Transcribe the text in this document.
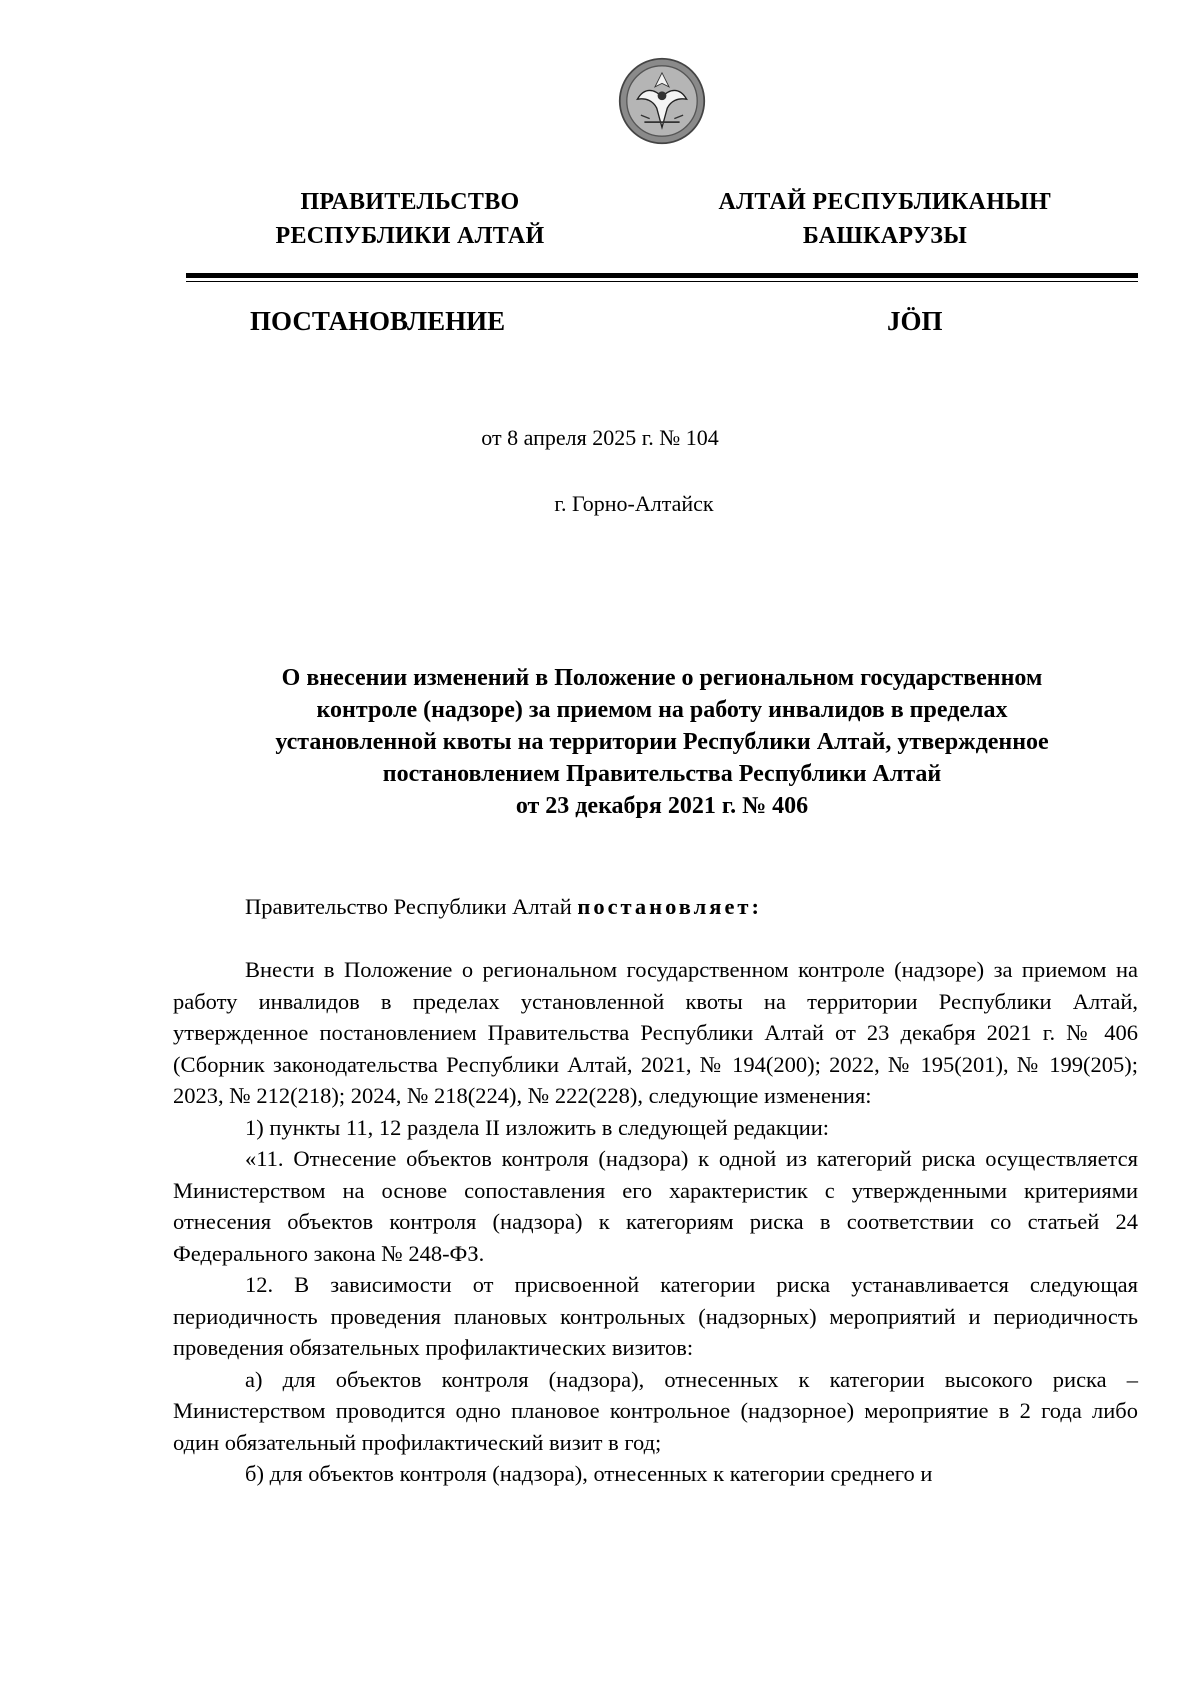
ПРАВИТЕЛЬСТВО
РЕСПУБЛИКИ АЛТАЙ
АЛТАЙ РЕСПУБЛИКАНЫҤ
БАШКАРУЗЫ
ПОСТАНОВЛЕНИЕ	JӦП
от 8 апреля 2025 г. № 104
г. Горно-Алтайск
О внесении изменений в Положение о региональном государственном
контроле (надзоре) за приемом на работу инвалидов в пределах
установленной квоты на территории Республики Алтай, утвержденное
постановлением Правительства Республики Алтай
от 23 декабря 2021 г. № 406

Правительство Республики Алтай постановляет:

Внести в Положение о региональном государственном контроле (надзоре) за приемом на работу инвалидов в пределах установленной квоты на территории Республики Алтай, утвержденное постановлением Правительства Республики Алтай от 23 декабря 2021 г. № 406 (Сборник законодательства Республики Алтай, 2021, № 194(200); 2022, № 195(201), № 199(205); 2023, № 212(218); 2024, № 218(224), № 222(228), следующие изменения:

1) пункты 11, 12 раздела II изложить в следующей редакции:

«11. Отнесение объектов контроля (надзора) к одной из категорий риска осуществляется Министерством на основе сопоставления его характеристик с утвержденными критериями отнесения объектов контроля (надзора) к категориям риска в соответствии со статьей 24 Федерального закона № 248-ФЗ.

12. В зависимости от присвоенной категории риска устанавливается следующая периодичность проведения плановых контрольных (надзорных) мероприятий и периодичность проведения обязательных профилактических визитов:

а) для объектов контроля (надзора), отнесенных к категории высокого риска – Министерством проводится одно плановое контрольное (надзорное) мероприятие в 2 года либо один обязательный профилактический визит в год;

б) для объектов контроля (надзора), отнесенных к категории среднего и
